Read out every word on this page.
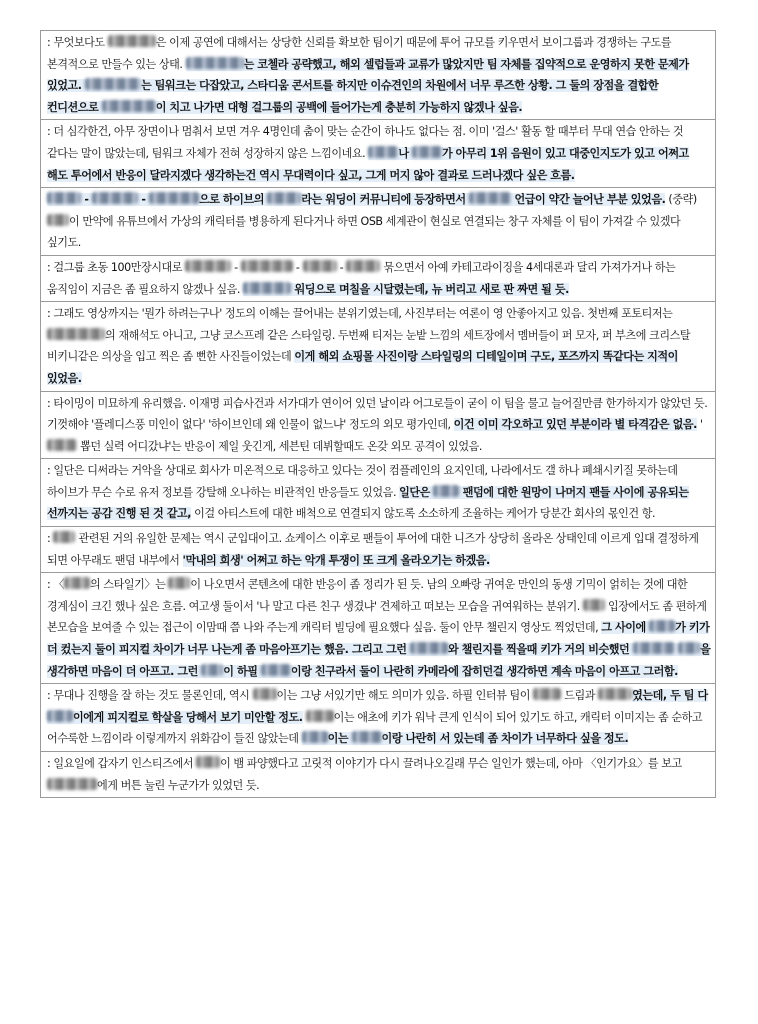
: 무엇보다도	은 이제 공연에 대해서는 상당한 신뢰를 확보한 팀이기 때문에 투어 규모를 키우면서 보이그룹과 경쟁하는 구도를 본격적으로 만들수 있는 상태.	는 코첼라 공략했고, 해외 셀럽들과 교류가 많았지만 팀 자체를 집약적으로 운영하지 못한 문제가 있었고.	는 팀워크는 다잡았고, 스타디움 콘서트를 하지만 이슈견인의 차원에서 너무 루즈한 상황. 그 둘의 장점을 결합한 컨디션으로	이 치고 나가면 대형 걸그룹의 공백에 들어가는게 충분히 가능하지 않겠나 싶음.
: 더 심각한건, 아무 장면이나 멈춰서 보면 겨우 4명인데 춤이 맞는 순간이 하나도 없다는 점. 이미 '걸스' 활동 할 때부터 무대 연습 안하는 것 같다는 말이 많았는데, 팀워크 자체가 전혀 성장하지 않은 느낌이네요.	나	가 아무리 1위 음원이 있고 대중인지도가 있고 어쩌고 해도 투어에서 반응이 달라지겠다 생각하는건 역시 무대력이다 싶고, 그게 머지 않아 결과로 드러나겠다 싶은 흐름.
-	-	으로 하이브의	라는 워딩이 커뮤니티에 등장하면서	언급이 약간 늘어난 부분 있었음. (중략) 이 만약에 유튜브에서 가상의 캐릭터를 병용하게 된다거나 하면 OSB 세계관이 현실로 연결되는 창구 자체를 이 팀이 가져갈 수 있겠다 싶기도.
: 걸그룹 초동 100만장시대로	-	-	-	묶으면서 아예 카테고라이징을 4세대론과 달리 가져가거나 하는 움직임이 지금은 좀 필요하지 않겠나 싶음.	워딩으로 며칠을 시달렸는데, 뉴 버리고 새로 판 짜면 될 듯.
: 그래도 영상까지는 '뭔가 하려는구나' 정도의 이해는 끌어내는 분위기였는데, 사진부터는 여론이 영 안좋아지고 있음. 첫번째 포토티저는 의 재해석도 아니고, 그냥 코스프레 같은 스타일링. 두번째 티저는 눈밭 느낌의 세트장에서 멤버들이 퍼 모자, 퍼 부츠에 크리스탈 비키니같은 의상을 입고 찍은 좀 뻔한 사진들이었는데 이게 해외 쇼핑몰 사진이랑 스타일링의 디테일이며 구도, 포즈까지 똑같다는 지적이 있었음.
: 타이밍이 미묘하게 유리했음. 이재명 피습사건과 서가대가 연이어 있던 날이라 어그로들이 굳이 이 팀을 물고 늘어질만큼 한가하지가 않았던 듯. 기껏해야 '플레디스풍 미인이 없다' '하이브인데 왜 인물이 없느냐' 정도의 외모 평가인데, 이건 이미 각오하고 있던 부분이라 별 타격감은 없음. ' 뽑던 실력 어디갔냐'는 반응이 제일 웃긴게, 세븐틴 데뷔할때도 온갖 외모 공격이 있었음.
: 일단은 디써라는 거악을 상대로 회사가 미온적으로 대응하고 있다는 것이 컴플레인의 요지인데, 나라에서도 갤 하나 폐쇄시키질 못하는데 하이브가 무슨 수로 유저 정보를 강탈해 오나하는 비관적인 반응들도 있었음. 일단은  팬덤에 대한 원망이 나머지 팬들 사이에 공유되는 선까지는 공감 진행 된 것 같고, 이걸 아티스트에 대한 배척으로 연결되지 않도록 소소하게 조율하는 케어가 당분간 회사의 몫인건 항.
:  관련된 거의 유일한 문제는 역시 군입대이고. 쇼케이스 이후로 팬들이 투어에 대한 니즈가 상당히 올라온 상태인데 이르게 입대 결정하게 되면 아무래도 팬덤 내부에서 '막내의 희생' 어쩌고 하는 악개 투쟁이 또 크게 올라오기는 하겠음.
: 〈 의 스타일기〉는 이 나오면서 콘텐츠에 대한 반응이 좀 정리가 된 듯. 남의 오빠랑 귀여운 만인의 동생 기믹이 얽히는 것에 대한 경계심이 크긴 했나 싶은 흐름. 여고생 둘이서 '나 말고 다른 친구 생겼냐' 견제하고 떠보는 모습을 귀여워하는 분위기.  입장에서도 좀 편하게 본모습을 보여줄 수 있는 접근이 이맘때 쯤 나와 주는게 캐릭터 빌딩에 필요했다 싶음. 둘이 안무 챌린지 영상도 찍었던데, 그 사이에 가 키가 더 컸는지 둘이 피지컬 차이가 너무 나는게 좀 마음아프기는 했음. 그리고 그런	와 챌린지를 찍을때 키가 거의 비슷했던	을 생각하면 마음이 더 아프고. 그런 이 하필	이랑 친구라서 둘이 나란히 카메라에 잡히던걸 생각하면 계속 마음이 아프고 그러함.
: 무대나 진행을 잘 하는 것도 물론인데, 역시 이는 그냥 서있기만 해도 의미가 있음. 하필 인터뷰 팀이	드림과	였는데, 두 팀 다 이에게 피지컬로 학살을 당해서 보기 미안할 정도.	이는 애초에 키가 워낙 큰게 인식이 되어 있기도 하고, 캐릭터 이미지는 좀 순하고 어수룩한 느낌이라 이렇게까지 위화감이 들진 않았는데 이는	이랑 나란히 서 있는데 좀 차이가 너무하다 싶을 정도.
: 일요일에 갑자기 인스티즈에서 이 뱀 파양했다고 고릿적 이야기가 다시 끌려나오길래 무슨 일인가 했는데, 아마 〈인기가요〉를 보고 에게 버튼 눌린 누군가가 있었던 듯.
